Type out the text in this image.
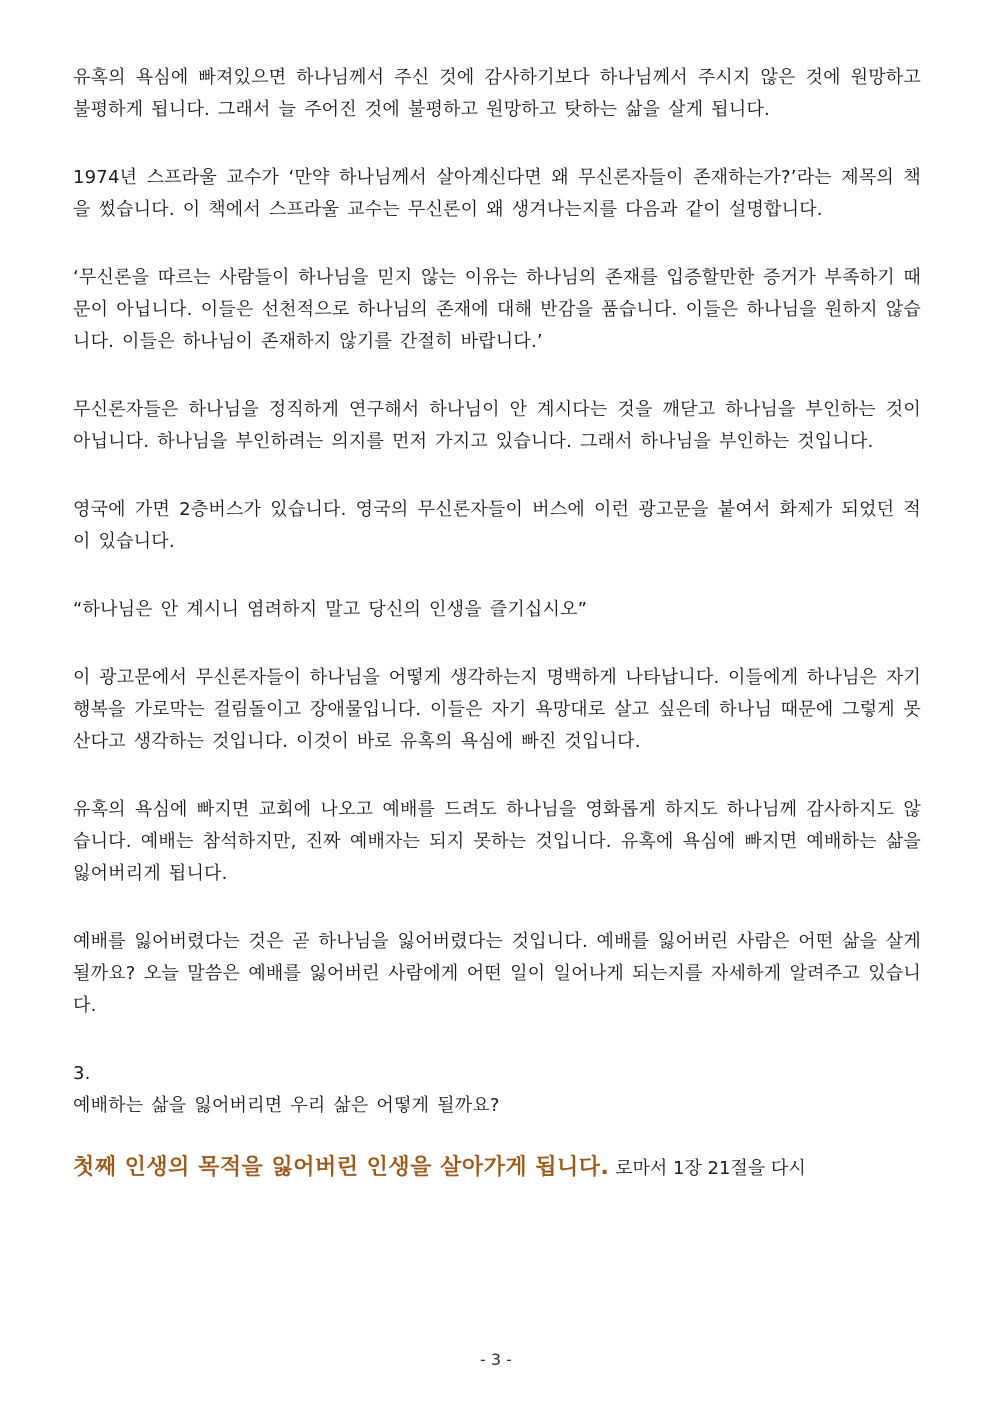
유혹의 욕심에 빠져있으면 하나님께서 주신 것에 감사하기보다 하나님께서 주시지 않은 것에 원망하고 불평하게 됩니다. 그래서 늘 주어진 것에 불평하고 원망하고 탓하는 삶을 살게 됩니다.

1974년 스프라울 교수가 ‘만약 하나님께서 살아계신다면 왜 무신론자들이 존재하는가?’라는 제목의 책을 썼습니다. 이 책에서 스프라울 교수는 무신론이 왜 생겨나는지를 다음과 같이 설명합니다.

‘무신론을 따르는 사람들이 하나님을 믿지 않는 이유는 하나님의 존재를 입증할만한 증거가 부족하기 때문이 아닙니다. 이들은 선천적으로 하나님의 존재에 대해 반감을 품습니다. 이들은 하나님을 원하지 않습니다. 이들은 하나님이 존재하지 않기를 간절히 바랍니다.’

무신론자들은 하나님을 정직하게 연구해서 하나님이 안 계시다는 것을 깨닫고 하나님을 부인하는 것이 아닙니다. 하나님을 부인하려는 의지를 먼저 가지고 있습니다. 그래서 하나님을 부인하는 것입니다.

영국에 가면 2층버스가 있습니다. 영국의 무신론자들이 버스에 이런 광고문을 붙여서 화제가 되었던 적이 있습니다.

“하나님은 안 계시니 염려하지 말고 당신의 인생을 즐기십시오”

이 광고문에서 무신론자들이 하나님을 어떻게 생각하는지 명백하게 나타납니다. 이들에게 하나님은 자기 행복을 가로막는 걸림돌이고 장애물입니다. 이들은 자기 욕망대로 살고 싶은데 하나님 때문에 그렇게 못 산다고 생각하는 것입니다. 이것이 바로 유혹의 욕심에 빠진 것입니다.

유혹의 욕심에 빠지면 교회에 나오고 예배를 드려도 하나님을 영화롭게 하지도 하나님께 감사하지도 않습니다. 예배는 참석하지만, 진짜 예배자는 되지 못하는 것입니다. 유혹에 욕심에 빠지면 예배하는 삶을 잃어버리게 됩니다.

예배를 잃어버렸다는 것은 곧 하나님을 잃어버렸다는 것입니다. 예배를 잃어버린 사람은 어떤 삶을 살게 될까요? 오늘 말씀은 예배를 잃어버린 사람에게 어떤 일이 일어나게 되는지를 자세하게 알려주고 있습니다.

3.
예배하는 삶을 잃어버리면 우리 삶은 어떻게 될까요?

첫째 인생의 목적을 잃어버린 인생을 살아가게 됩니다. 로마서 1장 21절을 다시

- 3 -
